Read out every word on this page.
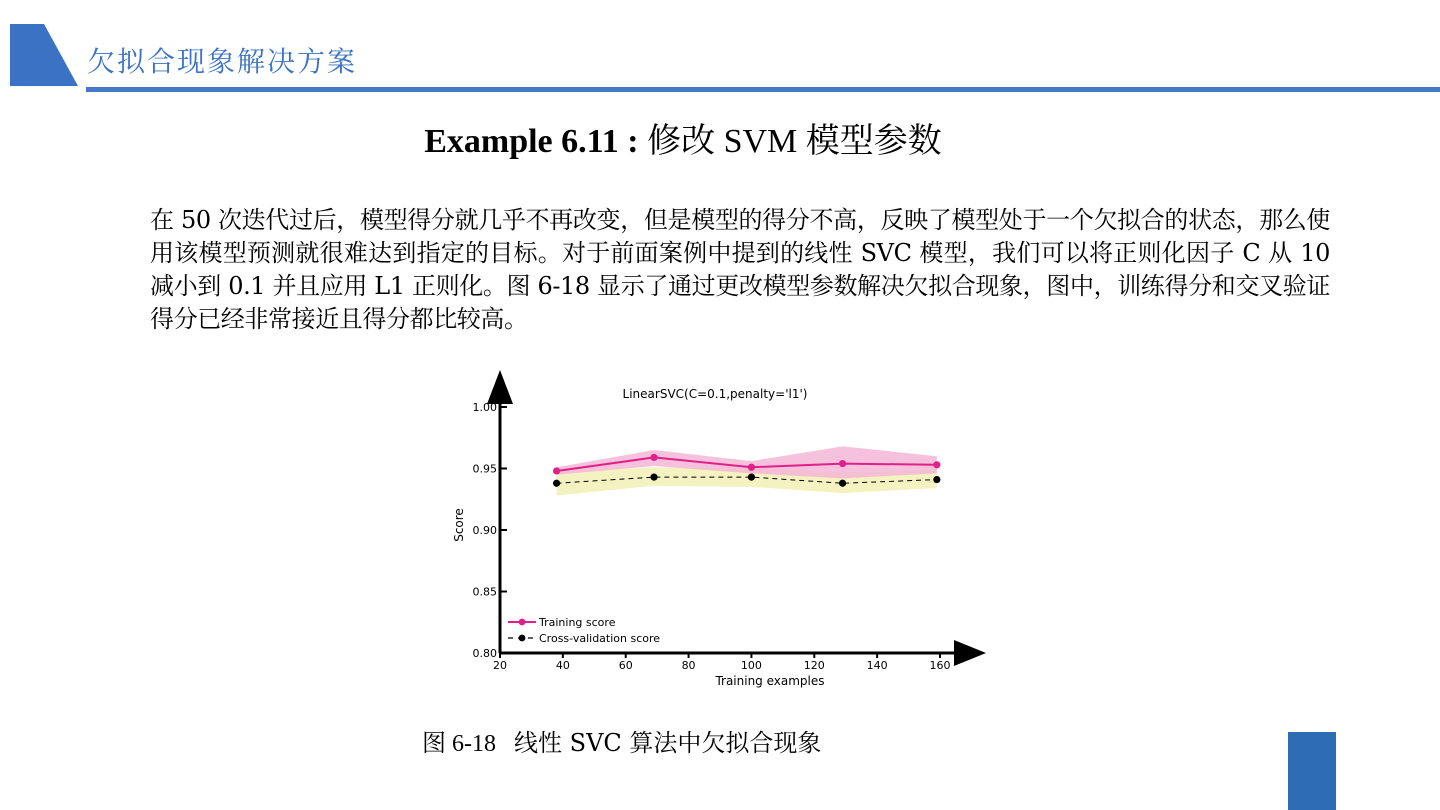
欠拟合现象解决方案
Example 6.11 : 修改 SVM 模型参数
在 50 次迭代过后，模型得分就几乎不再改变，但是模型的得分不高，反映了模型处于一个欠拟合的状态，那么使用该模型预测就很难达到指定的目标。对于前面案例中提到的线性 SVC 模型，我们可以将正则化因子 C 从 10 减小到 0.1 并且应用 L1 正则化。图 6-18 显示了通过更改模型参数解决欠拟合现象，图中，训练得分和交叉验证得分已经非常接近且得分都比较高。
20	40	60	80	100	120	140	160
0.80
0.85
0.90
0.95
1.00
LinearSVC(C=0.1,penalty='l1')
Training examples
Score
Training score
Cross-validation score
图 6-18 线性 SVC 算法中欠拟合现象
